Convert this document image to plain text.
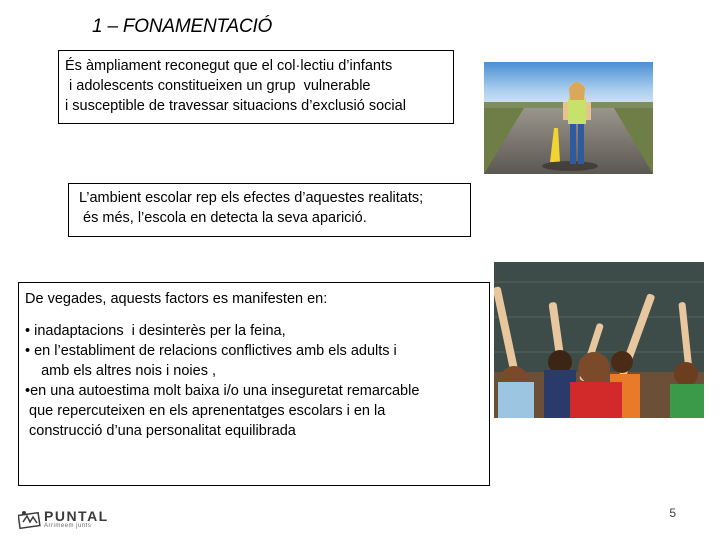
1 – FONAMENTACIÓ
És àmpliament reconegut que el col·lectiu d’infants
i adolescents constitueixen un grup  vulnerable
i susceptible de travessar situacions d’exclusió social
L’ambient escolar rep els efectes d’aquestes realitats;
és més, l’escola en detecta la seva aparició.
De vegades, aquests factors es manifesten en:
• inadaptacions  i desinterès per la feina,
• en l’establiment de relacions conflictives amb els adults i
amb els altres nois i noies ,
•en una autoestima molt baixa i/o una inseguretat remarcable
que repercuteixen en els aprenentatges escolars i en la
construcció d’una personalitat equilibrada
PUNTAL
Arrimeem junts
5
